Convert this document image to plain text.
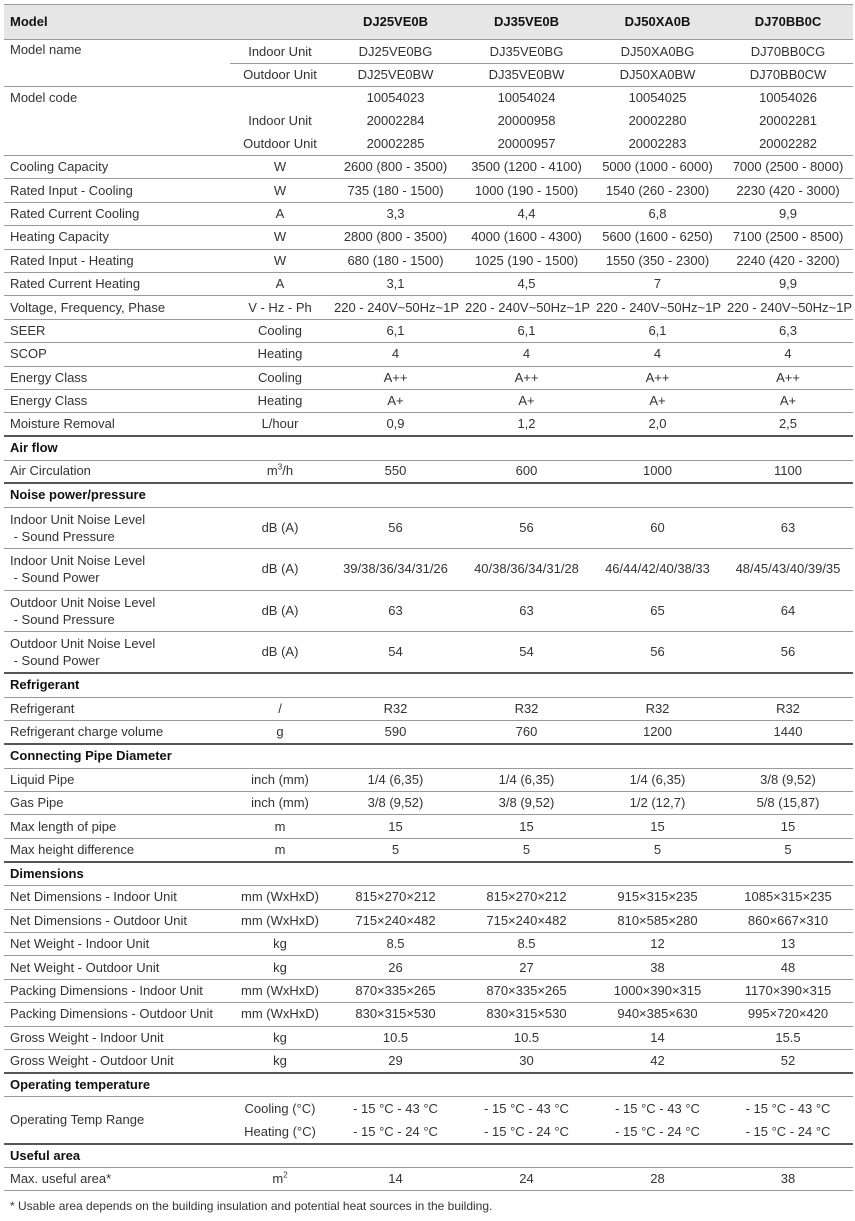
Model		DJ25VE0B	DJ35VE0B	DJ50XA0B	DJ70BB0C
Model name	Indoor Unit	DJ25VE0BG	DJ35VE0BG	DJ50XA0BG	DJ70BB0CG
	Outdoor Unit	DJ25VE0BW	DJ35VE0BW	DJ50XA0BW	DJ70BB0CW
Model code		10054023	10054024	10054025	10054026
	Indoor Unit	20002284	20000958	20002280	20002281
	Outdoor Unit	20002285	20000957	20002283	20002282
Cooling Capacity	W	2600 (800 - 3500)	3500 (1200 - 4100)	5000 (1000 - 6000)	7000 (2500 - 8000)
Rated Input - Cooling	W	735 (180 - 1500)	1000 (190 - 1500)	1540 (260 - 2300)	2230 (420 - 3000)
Rated Current Cooling	A	3,3	4,4	6,8	9,9
Heating Capacity	W	2800 (800 - 3500)	4000 (1600 - 4300)	5600 (1600 - 6250)	7100 (2500 - 8500)
Rated Input - Heating	W	680 (180 - 1500)	1025 (190 - 1500)	1550 (350 - 2300)	2240 (420 - 3200)
Rated Current Heating	A	3,1	4,5	7	9,9
Voltage, Frequency, Phase	V - Hz - Ph	220 - 240V~50Hz~1P	220 - 240V~50Hz~1P	220 - 240V~50Hz~1P	220 - 240V~50Hz~1P
SEER	Cooling	6,1	6,1	6,1	6,3
SCOP	Heating	4	4	4	4
Energy Class	Cooling	A++	A++	A++	A++
Energy Class	Heating	A+	A+	A+	A+
Moisture Removal	L/hour	0,9	1,2	2,0	2,5
Air flow					
Air Circulation	$m^3/h$	550	600	1000	1100
Noise power/pressure					

Indoor Unit Noise Level
- Sound Pressure	dB (A)	56	56	60	63

Indoor Unit Noise Level
- Sound Power	dB (A)	39/38/36/34/31/26	40/38/36/34/31/28	46/44/42/40/38/33	48/45/43/40/39/35

Outdoor Unit Noise Level
- Sound Pressure	dB (A)	63	63	65	64

Outdoor Unit Noise Level
- Sound Power	dB (A)	54	54	56	56
Refrigerant					
Refrigerant	/	R32	R32	R32	R32
Refrigerant charge volume	g	590	760	1200	1440
Connecting Pipe Diameter					
Liquid Pipe	inch (mm)	1/4 (6,35)	1/4 (6,35)	1/4 (6,35)	3/8 (9,52)
Gas Pipe	inch (mm)	3/8 (9,52)	3/8 (9,52)	1/2 (12,7)	5/8 (15,87)
Max length of pipe	m	15	15	15	15
Max height difference	m	5	5	5	5
Dimensions					
Net Dimensions - Indoor Unit	mm (WxHxD)	815×270×212	815×270×212	915×315×235	1085×315×235
Net Dimensions - Outdoor Unit	mm (WxHxD)	715×240×482	715×240×482	810×585×280	860×667×310
Net Weight - Indoor Unit	kg	8.5	8.5	12	13
Net Weight - Outdoor Unit	kg	26	27	38	48
Packing Dimensions - Indoor Unit	mm (WxHxD)	870×335×265	870×335×265	1000×390×315	1170×390×315
Packing Dimensions - Outdoor Unit	mm (WxHxD)	830×315×530	830×315×530	940×385×630	995×720×420
Gross Weight - Indoor Unit	kg	10.5	10.5	14	15.5
Gross Weight - Outdoor Unit	kg	29	30	42	52
Operating temperature					
Operating Temp Range	Cooling (°C)	- 15 °C - 43 °C	- 15 °C - 43 °C	- 15 °C - 43 °C	- 15 °C - 43 °C
	Heating (°C)	- 15 °C - 24 °C	- 15 °C - 24 °C	- 15 °C - 24 °C	- 15 °C - 24 °C
Useful area					
Max. useful area*	$m^2$	14	24	28	38
* Usable area depends on the building insulation and potential heat sources in the building.
